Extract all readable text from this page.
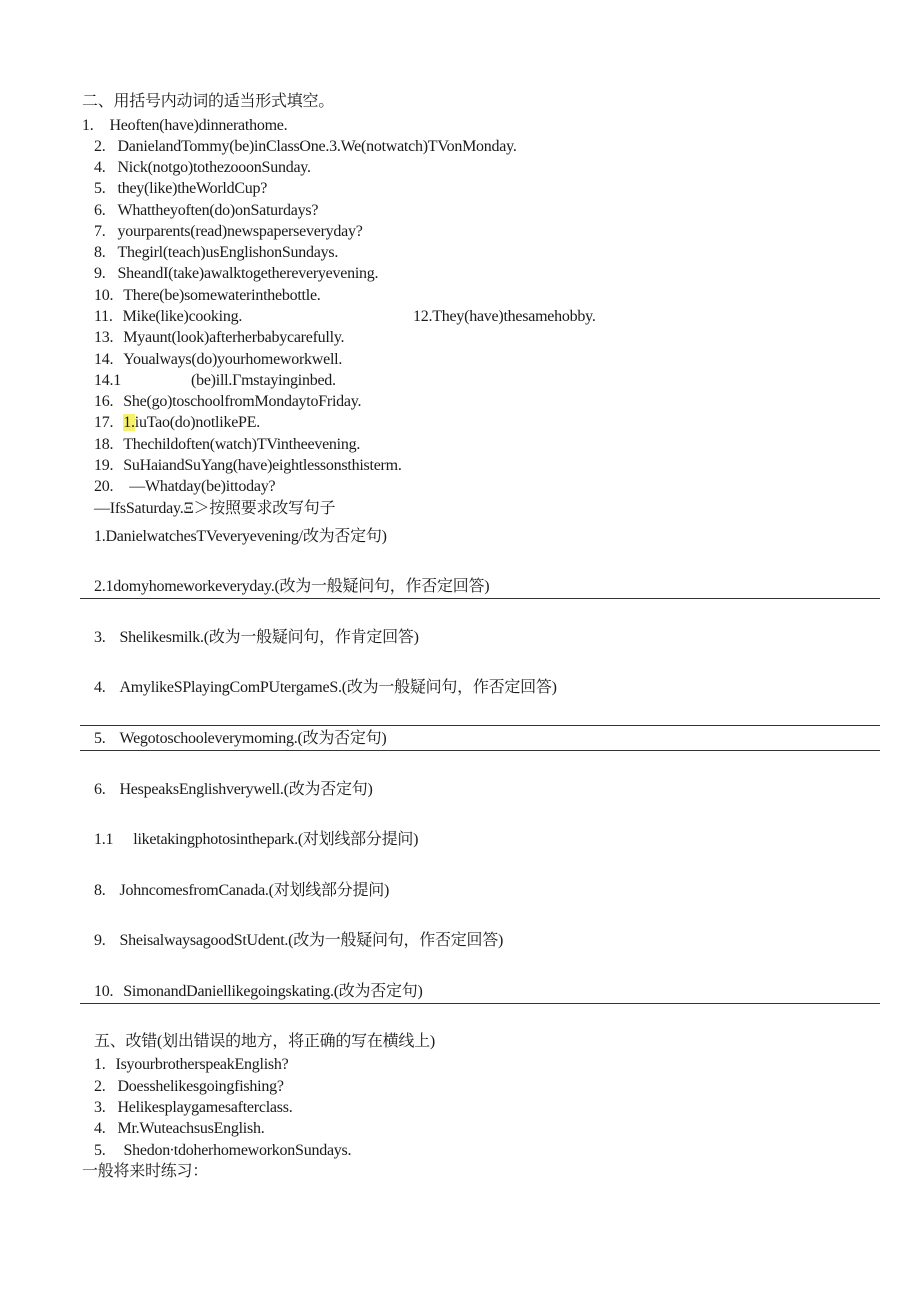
二、用括号内动词的适当形式填空。
1. Heoften(have)dinnerathome.
2. DanielandTommy(be)inClassOne.3.We(notwatch)TVonMonday.
4. Nick(notgo)tothezooonSunday.
5. they(like)theWorldCup?
6. Whattheyoften(do)onSaturdays?
7. yourparents(read)newspaperseveryday?
8. Thegirl(teach)usEnglishonSundays.
9. SheandI(take)awalktogethereveryevening.
10. There(be)somewaterinthebottle.
11. Mike(like)cooking.	12.They(have)thesamehobby.
13. Myaunt(look)afterherbabycarefully.
14. Youalways(do)yourhomeworkwell.
14.1	(be)ill.Γmstayinginbed.
16. She(go)toschoolfromMondaytoFriday.
17. 1.iuTao(do)notlikePE.
18. Thechildoften(watch)TVintheevening.
19. SuHaiandSuYang(have)eightlessonsthisterm.
20. —Whatday(be)ittoday?
—IfsSaturday.Ξ＞按照要求改写句子
1.DanielwatchesTVeveryevening/改为否定句)
2.1domyhomeworkeveryday.(改为一般疑问句，作否定回答)
3. Shelikesmilk.(改为一般疑问句，作肯定回答)
4. AmylikeSPlayingComPUtergameS.(改为一般疑问句，作否定回答)
5. Wegotoschooleverymoming.(改为否定句)
6. HespeaksEnglishverywell.(改为否定句)
1.1 liketakingphotosinthepark.(对划线部分提问)
8. JohncomesfromCanada.(对划线部分提问)
9. SheisalwaysagoodStUdent.(改为一般疑问句，作否定回答)
10. SimonandDaniellikegoingskating.(改为否定句)
五、改错(划出错误的地方，将正确的写在横线上)
1. IsyourbrotherspeakEnglish?
2. Doesshelikesgoingfishing?
3. Helikesplaygamesafterclass.
4. Mr.WuteachsusEnglish.
5. Shedon∙tdoherhomeworkonSundays.
一般将来时练习：
